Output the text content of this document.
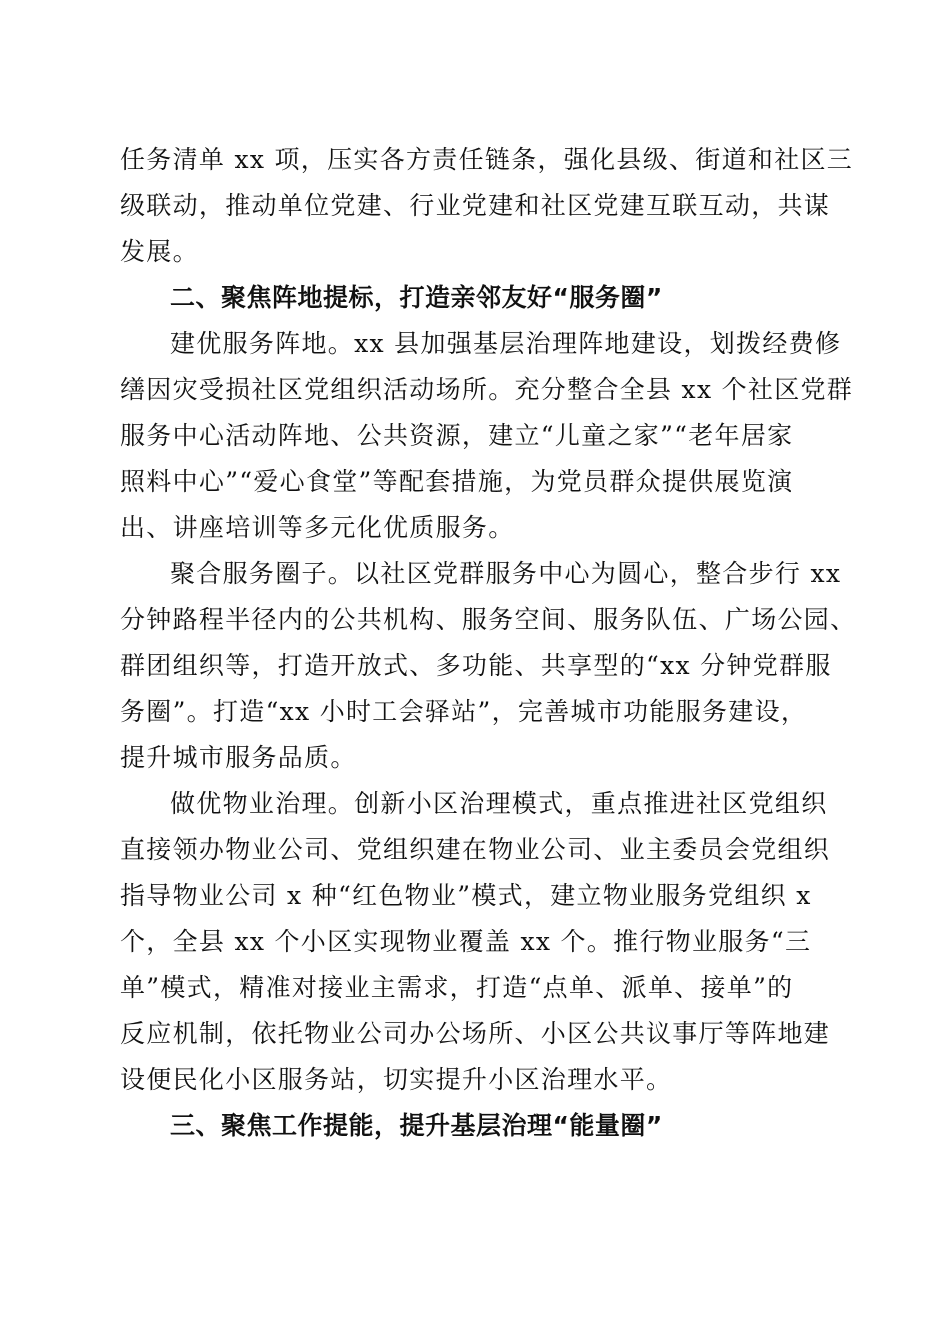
任务清单 xx 项，压实各方责任链条，强化县级、街道和社区三
级联动，推动单位党建、行业党建和社区党建互联互动，共谋
发展。
二、聚焦阵地提标，打造亲邻友好“服务圈”
建优服务阵地。xx 县加强基层治理阵地建设，划拨经费修
缮因灾受损社区党组织活动场所。充分整合全县 xx 个社区党群
服务中心活动阵地、公共资源，建立“儿童之家”“老年居家
照料中心”“爱心食堂”等配套措施，为党员群众提供展览演
出、讲座培训等多元化优质服务。
聚合服务圈子。以社区党群服务中心为圆心，整合步行 xx
分钟路程半径内的公共机构、服务空间、服务队伍、广场公园、
群团组织等，打造开放式、多功能、共享型的“xx 分钟党群服
务圈”。打造“xx 小时工会驿站”，完善城市功能服务建设，
提升城市服务品质。
做优物业治理。创新小区治理模式，重点推进社区党组织
直接领办物业公司、党组织建在物业公司、业主委员会党组织
指导物业公司 x 种“红色物业”模式，建立物业服务党组织 x
个，全县 xx 个小区实现物业覆盖 xx 个。推行物业服务“三
单”模式，精准对接业主需求，打造“点单、派单、接单”的
反应机制，依托物业公司办公场所、小区公共议事厅等阵地建
设便民化小区服务站，切实提升小区治理水平。
三、聚焦工作提能，提升基层治理“能量圈”
